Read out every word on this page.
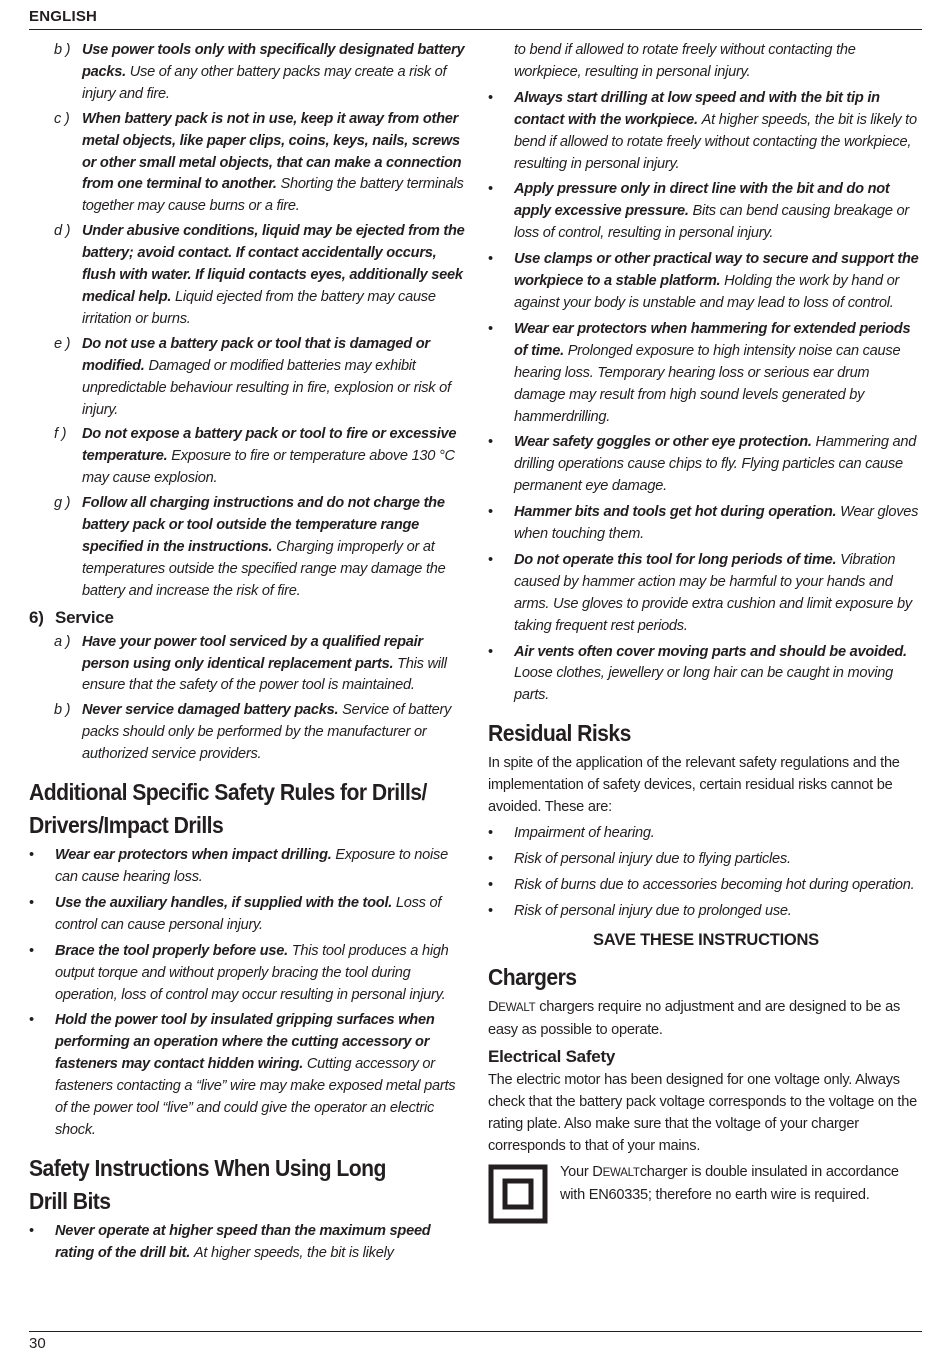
ENGLISH
b ) Use power tools only with specifically designated battery packs. Use of any other battery packs may create a risk of injury and fire.
c ) When battery pack is not in use, keep it away from other metal objects, like paper clips, coins, keys, nails, screws or other small metal objects, that can make a connection from one terminal to another. Shorting the battery terminals together may cause burns or a fire.
d ) Under abusive conditions, liquid may be ejected from the battery; avoid contact. If contact accidentally occurs, flush with water. If liquid contacts eyes, additionally seek medical help. Liquid ejected from the battery may cause irritation or burns.
e ) Do not use a battery pack or tool that is damaged or modified. Damaged or modified batteries may exhibit unpredictable behaviour resulting in fire, explosion or risk of injury.
f ) Do not expose a battery pack or tool to fire or excessive temperature. Exposure to fire or temperature above 130 °C may cause explosion.
g ) Follow all charging instructions and do not charge the battery pack or tool outside the temperature range specified in the instructions. Charging improperly or at temperatures outside the specified range may damage the battery and increase the risk of fire.
6) Service
a ) Have your power tool serviced by a qualified repair person using only identical replacement parts. This will ensure that the safety of the power tool is maintained.
b ) Never service damaged battery packs. Service of battery packs should only be performed by the manufacturer or authorized service providers.
Additional Specific Safety Rules for Drills/
Drivers/Impact Drills
• Wear ear protectors when impact drilling. Exposure to noise can cause hearing loss.
• Use the auxiliary handles, if supplied with the tool. Loss of control can cause personal injury.
• Brace the tool properly before use. This tool produces a high output torque and without properly bracing the tool during operation, loss of control may occur resulting in personal injury.
• Hold the power tool by insulated gripping surfaces when performing an operation where the cutting accessory or fasteners may contact hidden wiring. Cutting accessory or fasteners contacting a “live” wire may make exposed metal parts of the power tool “live” and could give the operator an electric shock.
Safety Instructions When Using Long
Drill Bits
• Never operate at higher speed than the maximum speed rating of the drill bit. At higher speeds, the bit is likely
to bend if allowed to rotate freely without contacting the workpiece, resulting in personal injury.
• Always start drilling at low speed and with the bit tip in contact with the workpiece. At higher speeds, the bit is likely to bend if allowed to rotate freely without contacting the workpiece, resulting in personal injury.
• Apply pressure only in direct line with the bit and do not apply excessive pressure. Bits can bend causing breakage or loss of control, resulting in personal injury.
• Use clamps or other practical way to secure and support the workpiece to a stable platform. Holding the work by hand or against your body is unstable and may lead to loss of control.
• Wear ear protectors when hammering for extended periods of time. Prolonged exposure to high intensity noise can cause hearing loss. Temporary hearing loss or serious ear drum damage may result from high sound levels generated by hammerdrilling.
• Wear safety goggles or other eye protection. Hammering and drilling operations cause chips to fly. Flying particles can cause permanent eye damage.
• Hammer bits and tools get hot during operation. Wear gloves when touching them.
• Do not operate this tool for long periods of time. Vibration caused by hammer action may be harmful to your hands and arms. Use gloves to provide extra cushion and limit exposure by taking frequent rest periods.
• Air vents often cover moving parts and should be avoided. Loose clothes, jewellery or long hair can be caught in moving parts.
Residual Risks
In spite of the application of the relevant safety regulations and the implementation of safety devices, certain residual risks cannot be avoided. These are:
• Impairment of hearing.
• Risk of personal injury due to flying particles.
• Risk of burns due to accessories becoming hot during operation.
• Risk of personal injury due to prolonged use.
SAVE THESE INSTRUCTIONS
Chargers
DEWALT chargers require no adjustment and are designed to be as easy as possible to operate.
Electrical Safety
The electric motor has been designed for one voltage only. Always check that the battery pack voltage corresponds to the voltage on the rating plate. Also make sure that the voltage of your charger corresponds to that of your mains.
Your DEWALTcharger is double insulated in accordance with EN60335; therefore no earth wire is required.
30
